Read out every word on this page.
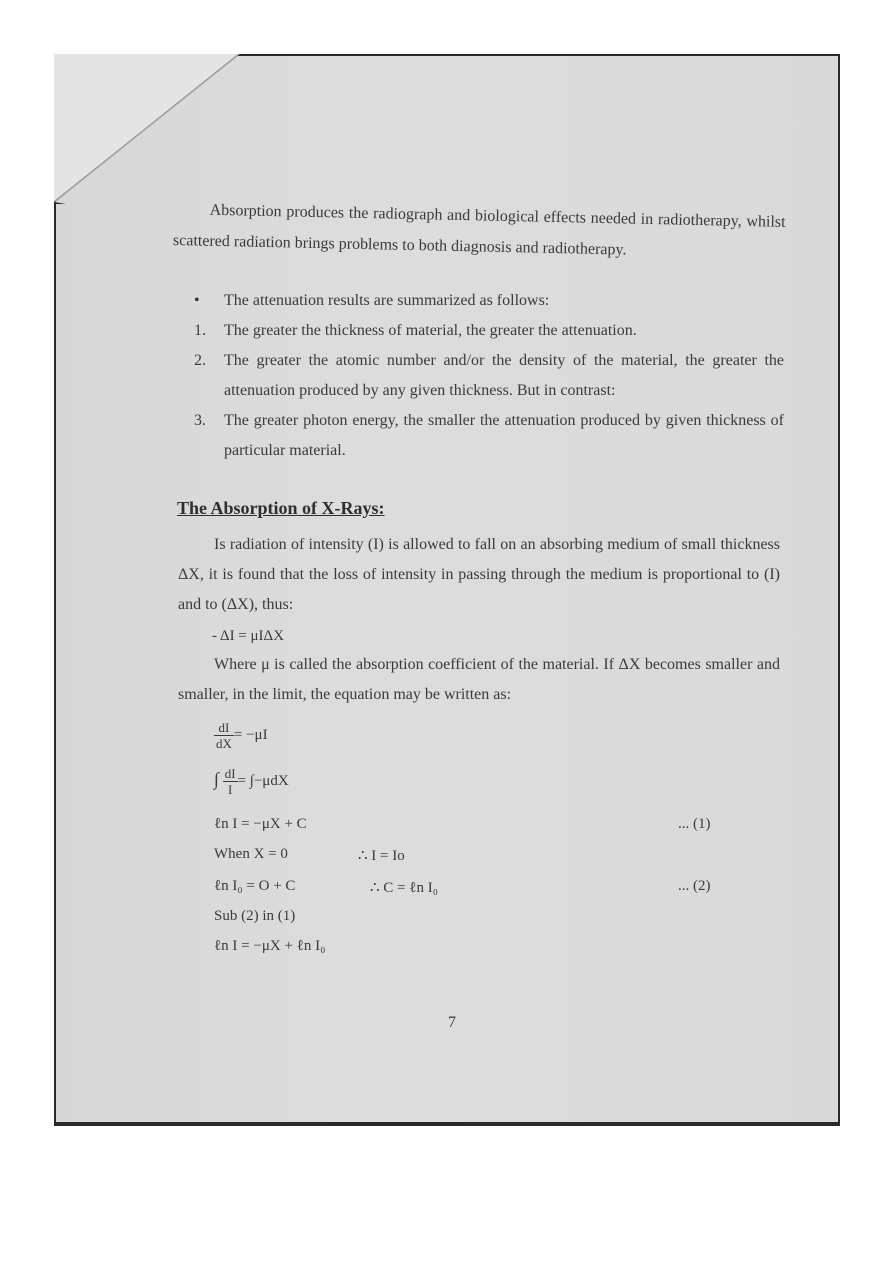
Absorption produces the radiograph and biological effects needed in radiotherapy, whilst scattered radiation brings problems to both diagnosis and radiotherapy.
• The attenuation results are summarized as follows:
1. The greater the thickness of material, the greater the attenuation.
2. The greater the atomic number and/or the density of the material, the greater the attenuation produced by any given thickness. But in contrast:
3. The greater photon energy, the smaller the attenuation produced by given thickness of particular material.
The Absorption of X-Rays:
Is radiation of intensity (I) is allowed to fall on an absorbing medium of small thickness ΔX, it is found that the loss of intensity in passing through the medium is proportional to (I) and to (ΔX), thus:
- ΔI = μIΔX
Where μ is called the absorption coefficient of the material. If ΔX becomes smaller and smaller, in the limit, the equation may be written as:
$\frac{dI}{dX} = -\mu I$
∫ $\frac{dI}{I} = \int-\mu dX$
ℓn I = −μX + C	... (1)
When X = 0	∴ I = Io
ℓn I₀ = O + C	∴ C = ℓn I₀	... (2)
Sub (2) in (1)
ℓn I = −μX + ℓn I₀
7
